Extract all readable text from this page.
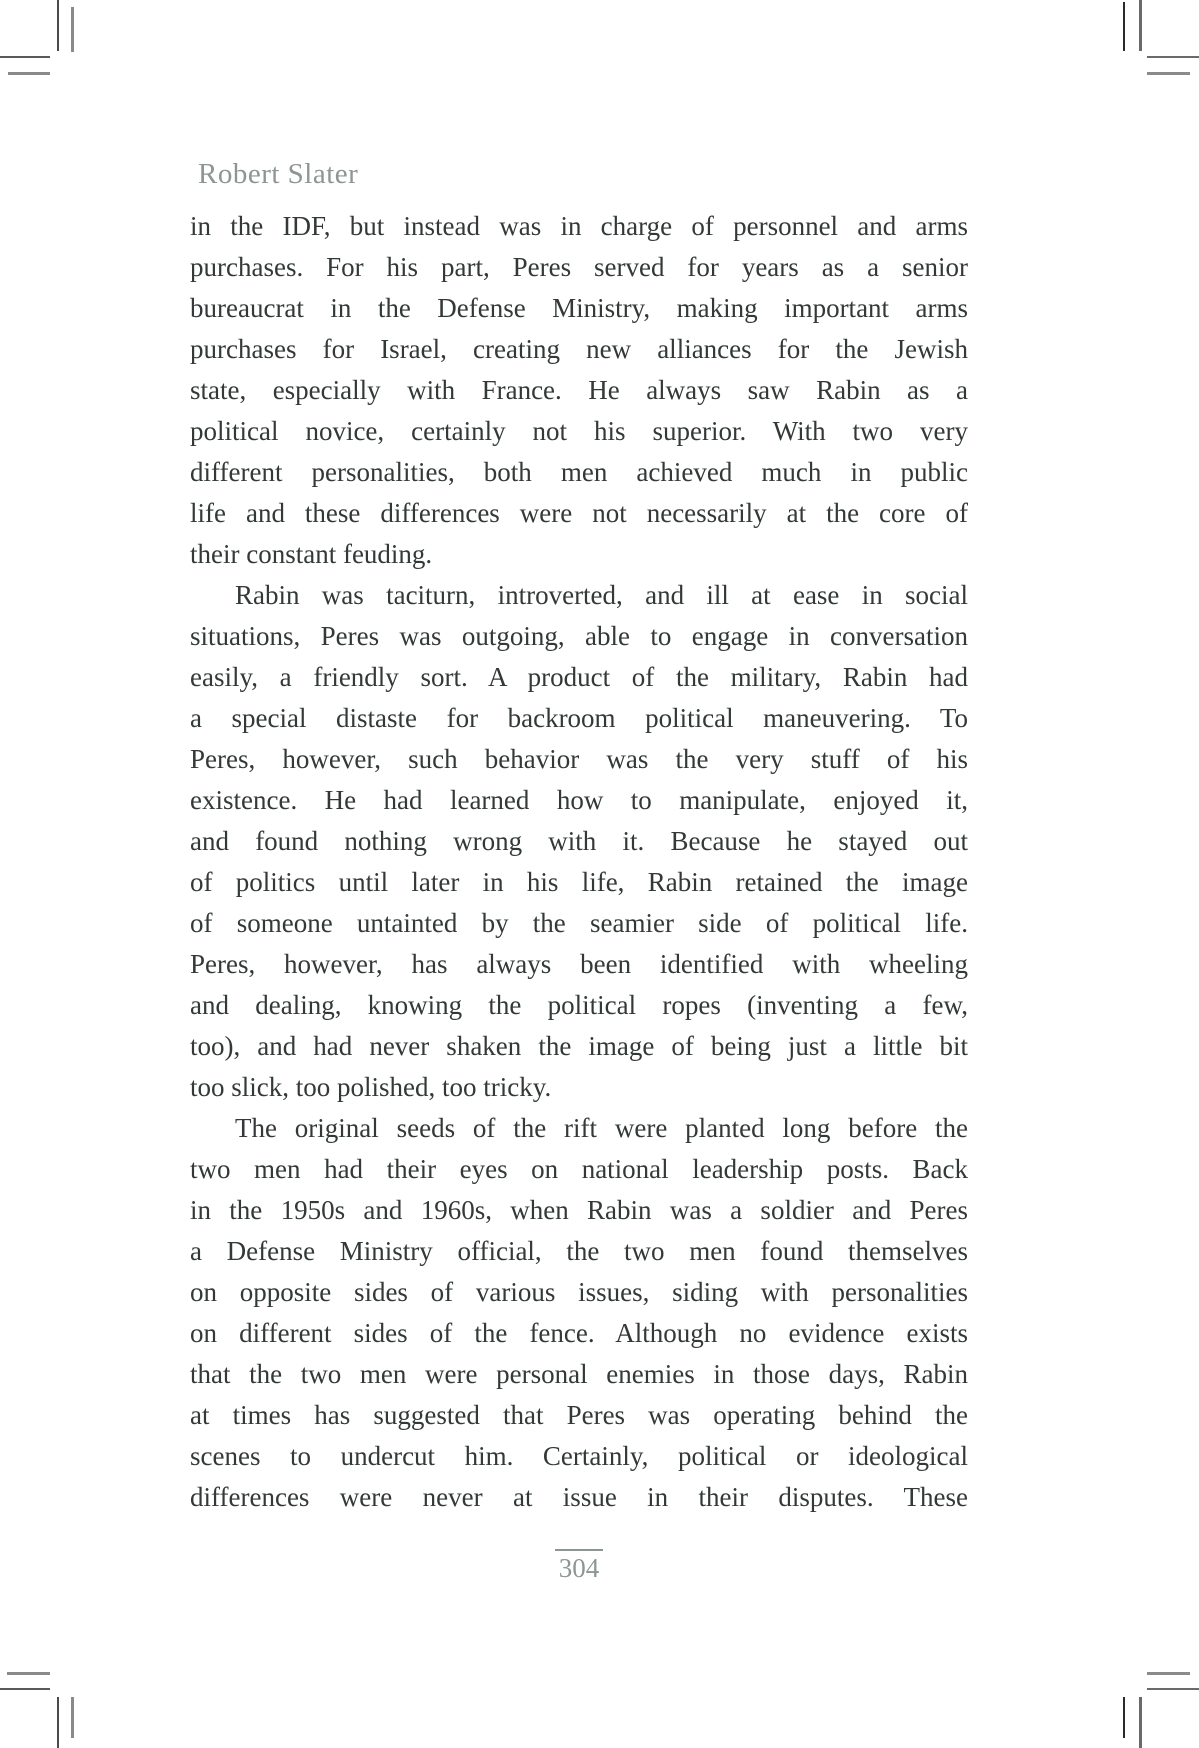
Robert Slater
in the IDF, but instead was in charge of personnel and arms
purchases. For his part, Peres served for years as a senior
bureaucrat in the Defense Ministry, making important arms
purchases for Israel, creating new alliances for the Jewish
state, especially with France. He always saw Rabin as a
political novice, certainly not his superior. With two very
different personalities, both men achieved much in public
life and these differences were not necessarily at the core of
their constant feuding.
Rabin was taciturn, introverted, and ill at ease in social
situations, Peres was outgoing, able to engage in conversation
easily, a friendly sort. A product of the military, Rabin had
a special distaste for backroom political maneuvering. To
Peres, however, such behavior was the very stuff of his
existence. He had learned how to manipulate, enjoyed it,
and found nothing wrong with it. Because he stayed out
of politics until later in his life, Rabin retained the image
of someone untainted by the seamier side of political life.
Peres, however, has always been identified with wheeling
and dealing, knowing the political ropes (inventing a few,
too), and had never shaken the image of being just a little bit
too slick, too polished, too tricky.
The original seeds of the rift were planted long before the
two men had their eyes on national leadership posts. Back
in the 1950s and 1960s, when Rabin was a soldier and Peres
a Defense Ministry official, the two men found themselves
on opposite sides of various issues, siding with personalities
on different sides of the fence. Although no evidence exists
that the two men were personal enemies in those days, Rabin
at times has suggested that Peres was operating behind the
scenes to undercut him. Certainly, political or ideological
differences were never at issue in their disputes. These
304
